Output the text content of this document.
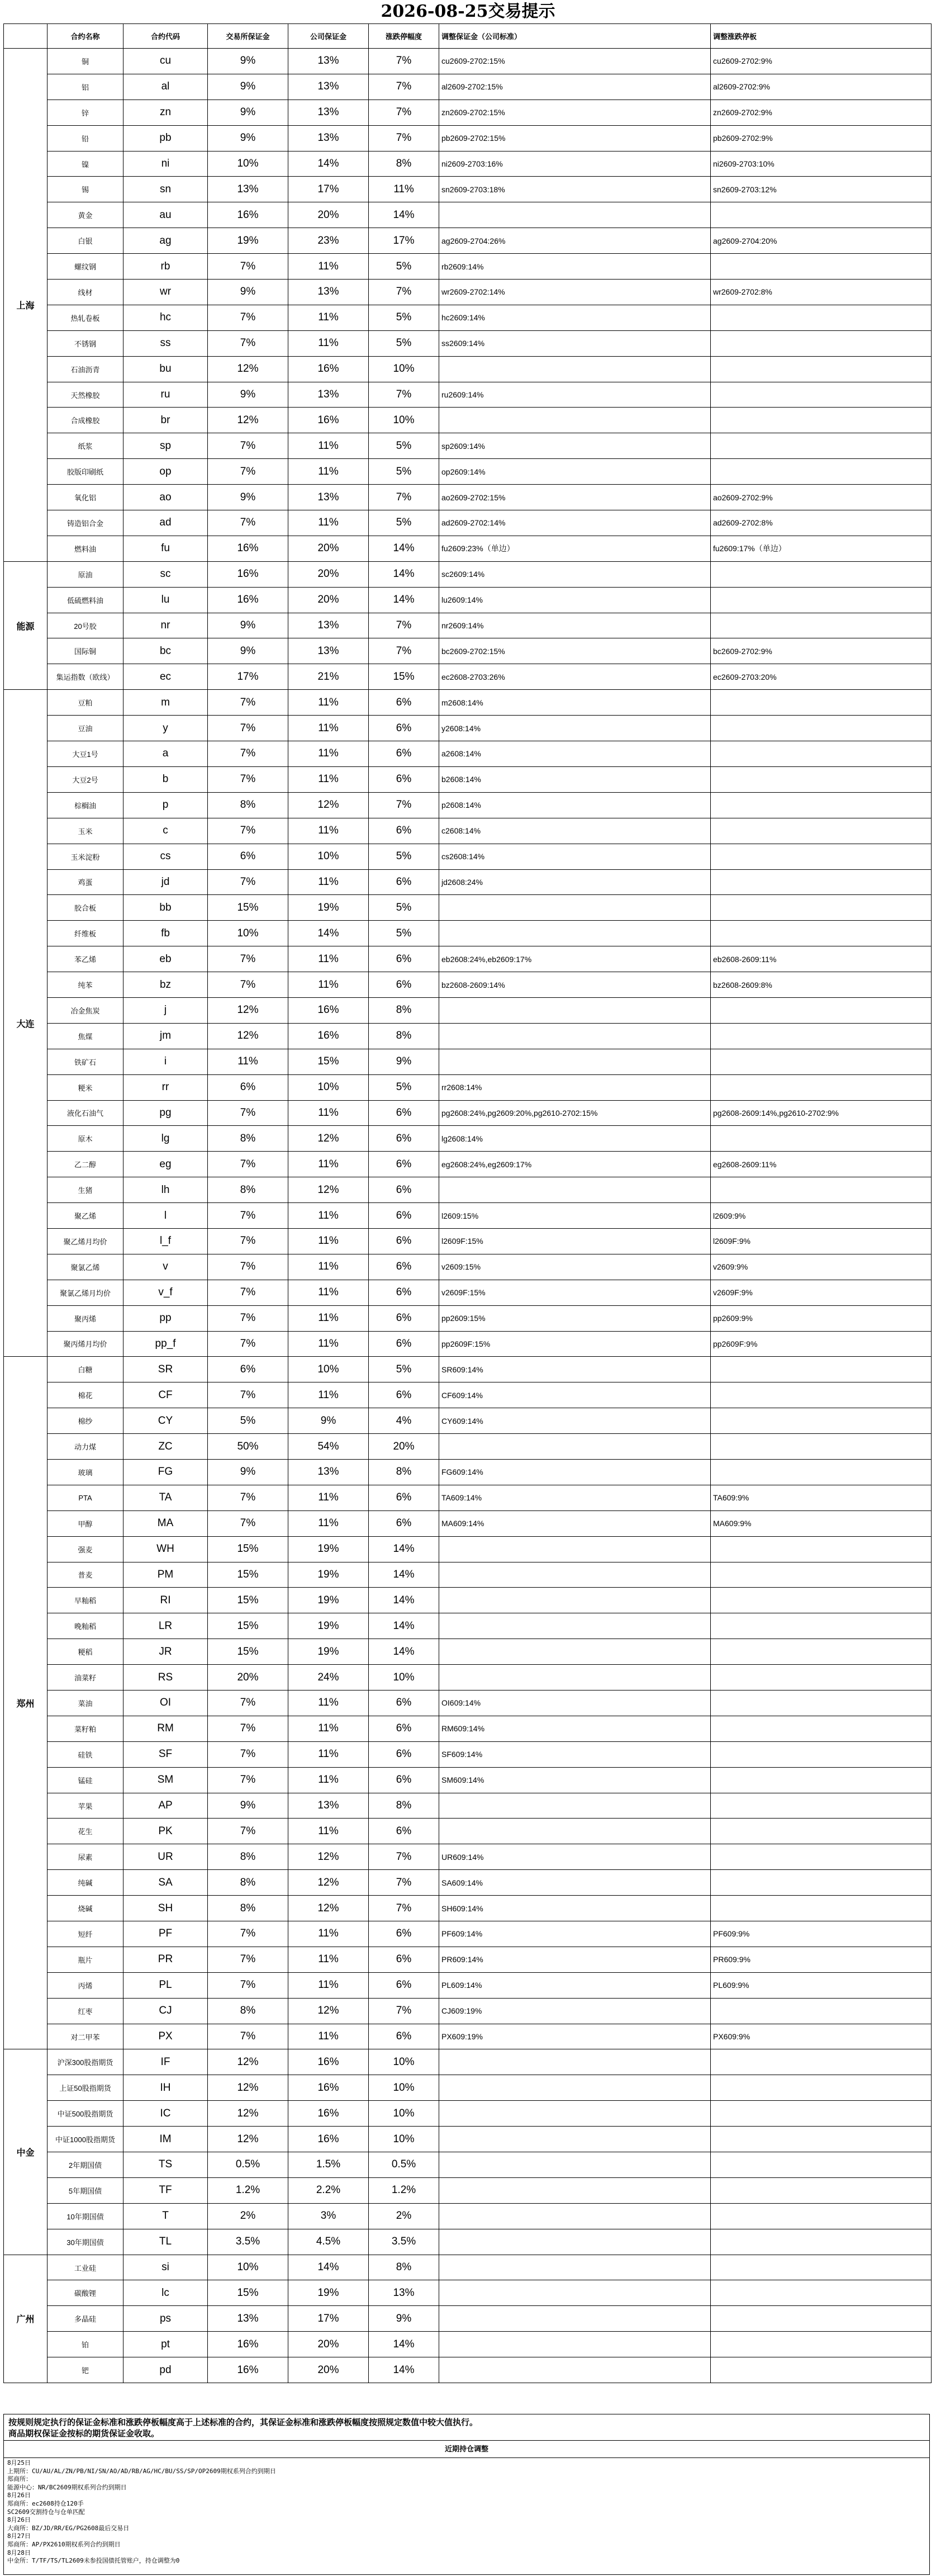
2026-08-25交易提示
	合约名称	合约代码	交易所保证金	公司保证金	涨跌停幅度	调整保证金（公司标准）	调整涨跌停板
上海	铜	cu	9%	13%	7%	cu2609-2702:15%	cu2609-2702:9%
	铝	al	9%	13%	7%	al2609-2702:15%	al2609-2702:9%
	锌	zn	9%	13%	7%	zn2609-2702:15%	zn2609-2702:9%
	铅	pb	9%	13%	7%	pb2609-2702:15%	pb2609-2702:9%
	镍	ni	10%	14%	8%	ni2609-2703:16%	ni2609-2703:10%
	锡	sn	13%	17%	11%	sn2609-2703:18%	sn2609-2703:12%
	黄金	au	16%	20%	14%		
	白银	ag	19%	23%	17%	ag2609-2704:26%	ag2609-2704:20%
	螺纹钢	rb	7%	11%	5%	rb2609:14%	
	线材	wr	9%	13%	7%	wr2609-2702:14%	wr2609-2702:8%
	热轧卷板	hc	7%	11%	5%	hc2609:14%	
	不锈钢	ss	7%	11%	5%	ss2609:14%	
	石油沥青	bu	12%	16%	10%		
	天然橡胶	ru	9%	13%	7%	ru2609:14%	
	合成橡胶	br	12%	16%	10%		
	纸浆	sp	7%	11%	5%	sp2609:14%	
	胶版印刷纸	op	7%	11%	5%	op2609:14%	
	氧化铝	ao	9%	13%	7%	ao2609-2702:15%	ao2609-2702:9%
	铸造铝合金	ad	7%	11%	5%	ad2609-2702:14%	ad2609-2702:8%
	燃料油	fu	16%	20%	14%	fu2609:23%（单边）	fu2609:17%（单边）
能源	原油	sc	16%	20%	14%	sc2609:14%	
	低硫燃料油	lu	16%	20%	14%	lu2609:14%	
	20号胶	nr	9%	13%	7%	nr2609:14%	
	国际铜	bc	9%	13%	7%	bc2609-2702:15%	bc2609-2702:9%
	集运指数（欧线）	ec	17%	21%	15%	ec2608-2703:26%	ec2609-2703:20%
大连	豆粕	m	7%	11%	6%	m2608:14%	
	豆油	y	7%	11%	6%	y2608:14%	
	大豆1号	a	7%	11%	6%	a2608:14%	
	大豆2号	b	7%	11%	6%	b2608:14%	
	棕榈油	p	8%	12%	7%	p2608:14%	
	玉米	c	7%	11%	6%	c2608:14%	
	玉米淀粉	cs	6%	10%	5%	cs2608:14%	
	鸡蛋	jd	7%	11%	6%	jd2608:24%	
	胶合板	bb	15%	19%	5%		
	纤维板	fb	10%	14%	5%		
	苯乙烯	eb	7%	11%	6%	eb2608:24%,eb2609:17%	eb2608-2609:11%
	纯苯	bz	7%	11%	6%	bz2608-2609:14%	bz2608-2609:8%
	冶金焦炭	j	12%	16%	8%		
	焦煤	jm	12%	16%	8%		
	铁矿石	i	11%	15%	9%		
	粳米	rr	6%	10%	5%	rr2608:14%	
	液化石油气	pg	7%	11%	6%	pg2608:24%,pg2609:20%,pg2610-2702:15%	pg2608-2609:14%,pg2610-2702:9%
	原木	lg	8%	12%	6%	lg2608:14%	
	乙二醇	eg	7%	11%	6%	eg2608:24%,eg2609:17%	eg2608-2609:11%
	生猪	lh	8%	12%	6%		
	聚乙烯	l	7%	11%	6%	l2609:15%	l2609:9%
	聚乙烯月均价	l_f	7%	11%	6%	l2609F:15%	l2609F:9%
	聚氯乙烯	v	7%	11%	6%	v2609:15%	v2609:9%
	聚氯乙烯月均价	v_f	7%	11%	6%	v2609F:15%	v2609F:9%
	聚丙烯	pp	7%	11%	6%	pp2609:15%	pp2609:9%
	聚丙烯月均价	pp_f	7%	11%	6%	pp2609F:15%	pp2609F:9%
郑州	白糖	SR	6%	10%	5%	SR609:14%	
	棉花	CF	7%	11%	6%	CF609:14%	
	棉纱	CY	5%	9%	4%	CY609:14%	
	动力煤	ZC	50%	54%	20%		
	玻璃	FG	9%	13%	8%	FG609:14%	
	PTA	TA	7%	11%	6%	TA609:14%	TA609:9%
	甲醇	MA	7%	11%	6%	MA609:14%	MA609:9%
	强麦	WH	15%	19%	14%		
	普麦	PM	15%	19%	14%		
	早籼稻	RI	15%	19%	14%		
	晚籼稻	LR	15%	19%	14%		
	粳稻	JR	15%	19%	14%		
	油菜籽	RS	20%	24%	10%		
	菜油	OI	7%	11%	6%	OI609:14%	
	菜籽粕	RM	7%	11%	6%	RM609:14%	
	硅铁	SF	7%	11%	6%	SF609:14%	
	锰硅	SM	7%	11%	6%	SM609:14%	
	苹果	AP	9%	13%	8%		
	花生	PK	7%	11%	6%		
	尿素	UR	8%	12%	7%	UR609:14%	
	纯碱	SA	8%	12%	7%	SA609:14%	
	烧碱	SH	8%	12%	7%	SH609:14%	
	短纤	PF	7%	11%	6%	PF609:14%	PF609:9%
	瓶片	PR	7%	11%	6%	PR609:14%	PR609:9%
	丙烯	PL	7%	11%	6%	PL609:14%	PL609:9%
	红枣	CJ	8%	12%	7%	CJ609:19%	
	对二甲苯	PX	7%	11%	6%	PX609:19%	PX609:9%
中金	沪深300股指期货	IF	12%	16%	10%		
	上证50股指期货	IH	12%	16%	10%		
	中证500股指期货	IC	12%	16%	10%		
	中证1000股指期货	IM	12%	16%	10%		
	2年期国债	TS	0.5%	1.5%	0.5%		
	5年期国债	TF	1.2%	2.2%	1.2%		
	10年期国债	T	2%	3%	2%		
	30年期国债	TL	3.5%	4.5%	3.5%		
广州	工业硅	si	10%	14%	8%		
	碳酸锂	lc	15%	19%	13%		
	多晶硅	ps	13%	17%	9%		
	铂	pt	16%	20%	14%		
	钯	pd	16%	20%	14%		
按规则规定执行的保证金标准和涨跌停板幅度高于上述标准的合约，其保证金标准和涨跌停板幅度按照规定数值中较大值执行。
商品期权保证金按标的期货保证金收取。
近期持仓调整
8月25日
上期所：CU/AU/AL/ZN/PB/NI/SN/AO/AD/RB/AG/HC/BU/SS/SP/OP2609期权系列合约到期日
郑商所：
能源中心：NR/BC2609期权系列合约到期日
8月26日
郑商所：ec2608持仓120手
SC2609交割持仓与仓单匹配
8月26日
大商所：BZ/JD/RR/EG/PG2608最后交易日
8月27日
郑商所：AP/PX2610期权系列合约到期日
8月28日
中金所：T/TF/TS/TL2609未参投国债托管账户，持仓调整为0
